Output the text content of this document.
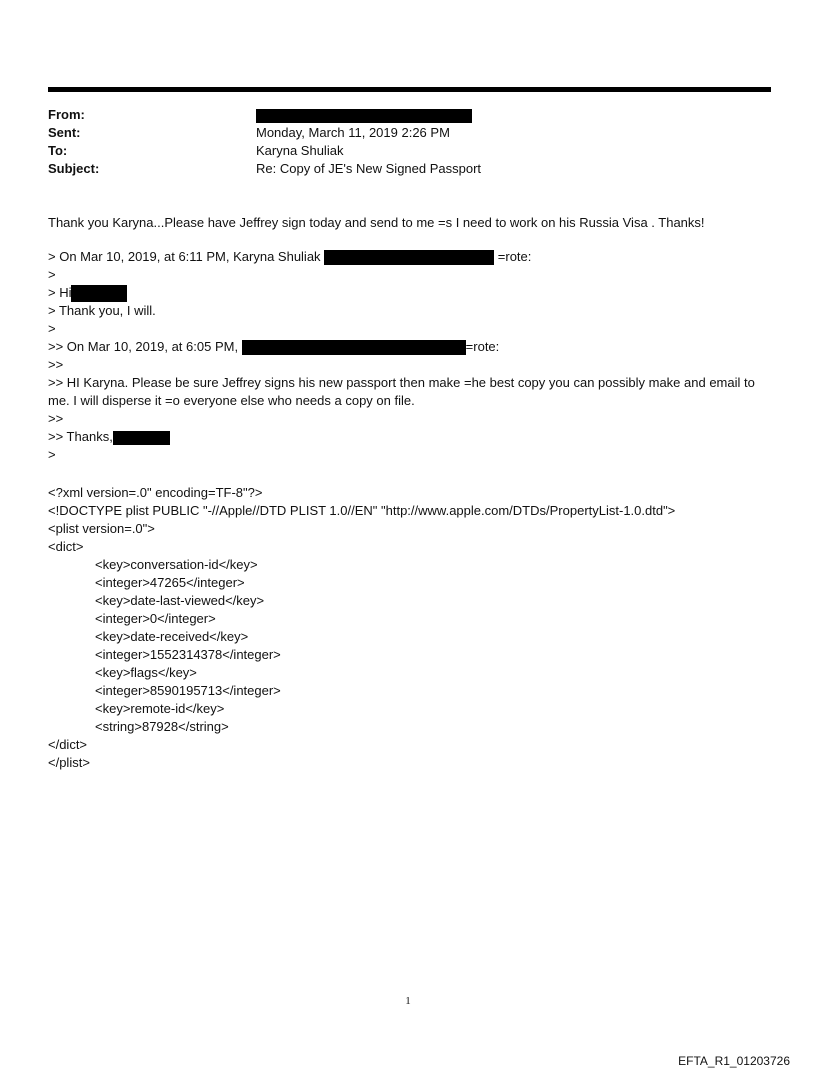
From:
Sent:	Monday, March 11, 2019 2:26 PM
To:	Karyna Shuliak
Subject:	Re: Copy of JE's New Signed Passport
Thank you Karyna...Please have Jeffrey sign today and send to me =s I need to work on his Russia Visa . Thanks!
> On Mar 10, 2019, at 6:11 PM, Karyna Shuliak	=rote:
>
> Hi
> Thank you, I will.
>
>> On Mar 10, 2019, at 6:05 PM,	=rote:
>>
>> HI Karyna. Please be sure Jeffrey signs his new passport then make =he best copy you can possibly make and email to me. I will disperse it =o everyone else who needs a copy on file.
>>
>> Thanks,
>
<?xml version=.0" encoding=TF-8"?>
<!DOCTYPE plist PUBLIC "-//Apple//DTD PLIST 1.0//EN" "http://www.apple.com/DTDs/PropertyList-1.0.dtd">
<plist version=.0">
<dict>
<key>conversation-id</key>
<integer>47265</integer>
<key>date-last-viewed</key>
<integer>0</integer>
<key>date-received</key>
<integer>1552314378</integer>
<key>flags</key>
<integer>8590195713</integer>
<key>remote-id</key>
<string>87928</string>
</dict>
</plist>
1
EFTA_R1_01203726
